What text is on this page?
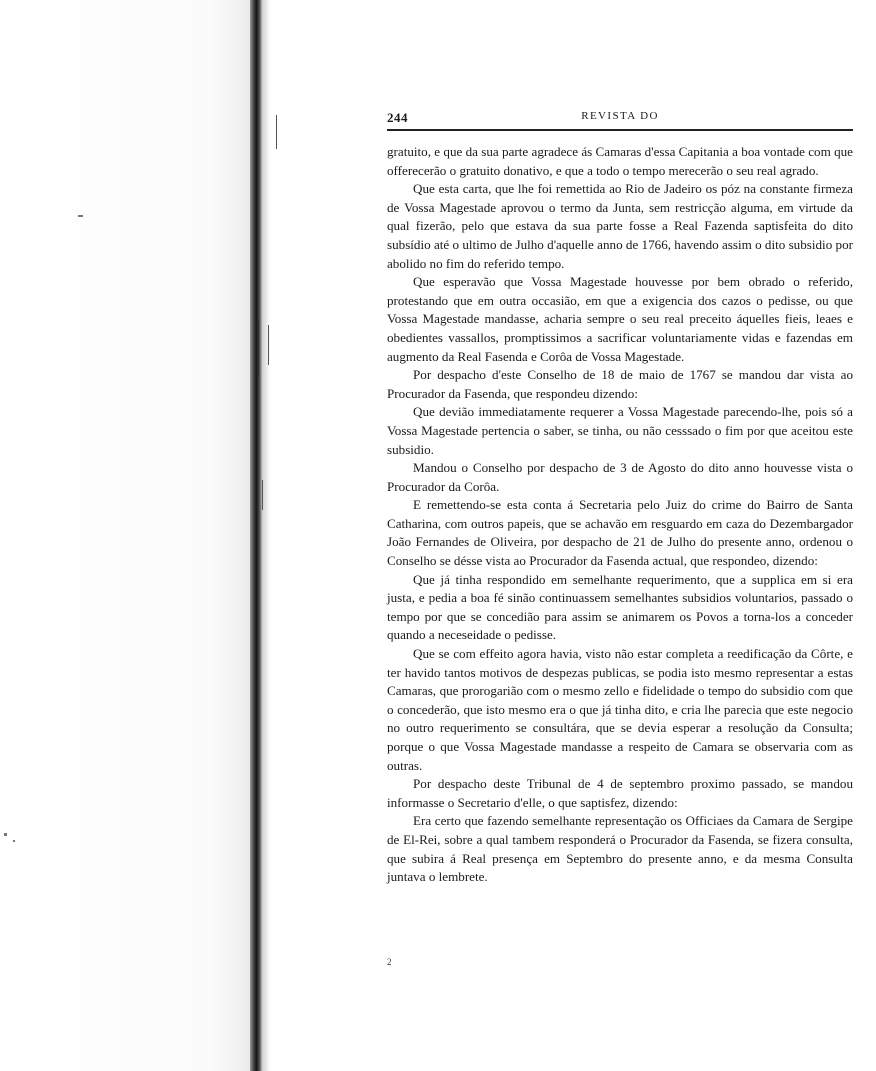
244	REVISTA DO

gratuito, e que da sua parte agradece ás Camaras d'essa Capitania a boa vontade com que offerecerão o gratuito donativo, e que a todo o tempo merecerão o seu real agrado.

Que esta carta, que lhe foi remettida ao Rio de Jadeiro os póz na constante firmeza de Vossa Magestade aprovou o termo da Junta, sem restricção alguma, em virtude da qual fizerão, pelo que estava da sua parte fosse a Real Fazenda saptisfeita do dito subsídio até o ultimo de Julho d'aquelle anno de 1766, havendo assim o dito subsidio por abolido no fim do referido tempo.

Que esperavão que Vossa Magestade houvesse por bem obrado o referido, protestando que em outra occasião, em que a exigencia dos cazos o pedisse, ou que Vossa Magestade mandasse, acharia sempre o seu real preceito áquelles fieis, leaes e obedientes vassallos, promptissimos a sacrificar voluntariamente vidas e fazendas em augmento da Real Fasenda e Corôa de Vossa Magestade.

Por despacho d'este Conselho de 18 de maio de 1767 se mandou dar vista ao Procurador da Fasenda, que respondeu dizendo:

Que devião immediatamente requerer a Vossa Magestade parecendo-lhe, pois só a Vossa Magestade pertencia o saber, se tinha, ou não cesssado o fim por que aceitou este subsidio.

Mandou o Conselho por despacho de 3 de Agosto do dito anno houvesse vista o Procurador da Corôa.

E remettendo-se esta conta á Secretaria pelo Juiz do crime do Bairro de Santa Catharina, com outros papeis, que se achavão em resguardo em caza do Dezembargador João Fernandes de Oliveira, por despacho de 21 de Julho do presente anno, ordenou o Conselho se désse vista ao Procurador da Fasenda actual, que respondeo, dizendo:

Que já tinha respondido em semelhante requerimento, que a supplica em si era justa, e pedia a boa fé sinão continuassem semelhantes subsidios voluntarios, passado o tempo por que se concedião para assim se animarem os Povos a torna-los a conceder quando a neceseidade o pedisse.

Que se com effeito agora havia, visto não estar completa a reedificação da Côrte, e ter havido tantos motivos de despezas publicas, se podia isto mesmo representar a estas Camaras, que prorogarião com o mesmo zello e fidelidade o tempo do subsidio com que o concederão, que isto mesmo era o que já tinha dito, e cria lhe parecia que este negocio no outro requerimento se consultára, que se devia esperar a resolução da Consulta; porque o que Vossa Magestade mandasse a respeito de Camara se observaria com as outras.

Por despacho deste Tribunal de 4 de septembro proximo passado, se mandou informasse o Secretario d'elle, o que saptisfez, dizendo:

Era certo que fazendo semelhante representação os Officiaes da Camara de Sergipe de El-Rei, sobre a qual tambem responderá o Procurador da Fasenda, se fizera consulta, que subira á Real presença em Septembro do presente anno, e da mesma Consulta juntava o lembrete.

2
